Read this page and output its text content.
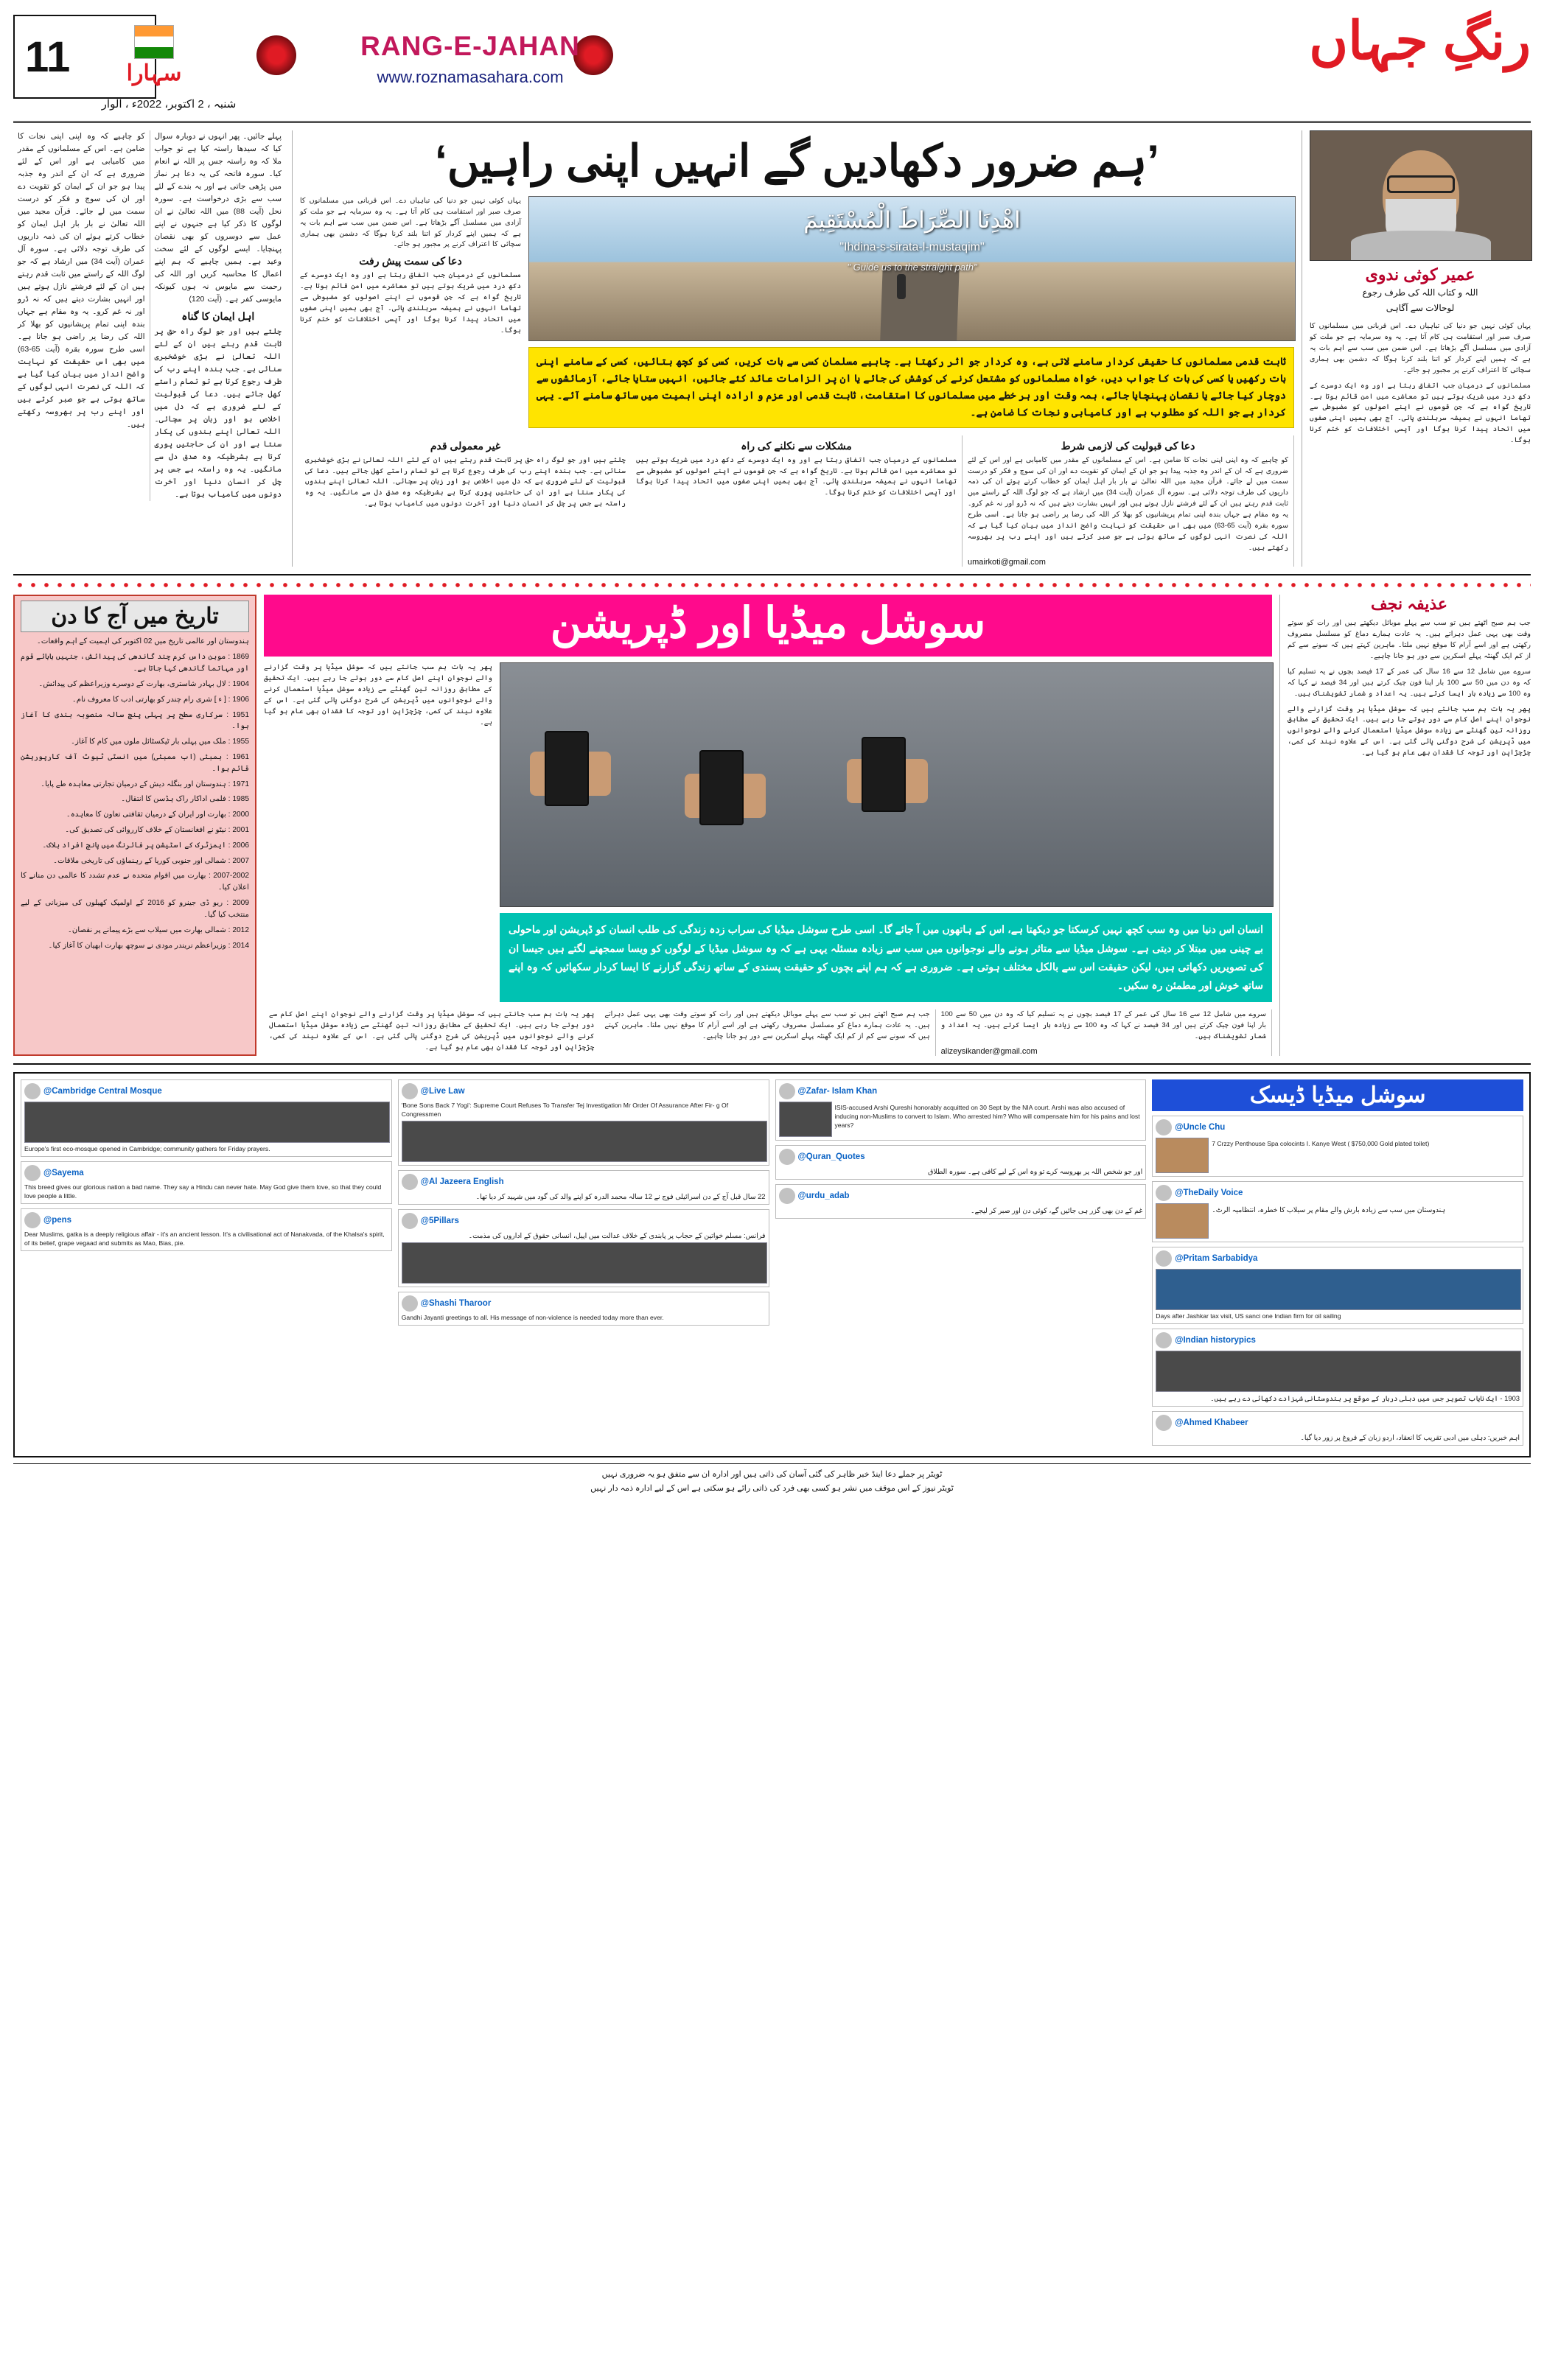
11	سہارا
شنبہ ، 2 اکتوبر، 2022ء ، الوار
RANG-E-JAHAN
www.roznamasahara.com
رنگِ جہاں
کو چاہیے کہ وہ اپنی اپنی نجات کا ضامن ہے۔ اس کے مسلمانوں کے مقدر میں کامیابی ہے اور اس کے لئے ضروری ہے کہ ان کے اندر وہ جذبہ پیدا ہو جو ان کے ایمان کو تقویت دے اور ان کی سوچ و فکر کو درست سمت میں لے جائے۔ قرآن مجید میں اللہ تعالیٰ نے بار بار اہل ایمان کو خطاب کرتے ہوئے ان کی ذمہ داریوں کی طرف توجہ دلائی ہے۔ سورہ آل عمران (آیت 34) میں ارشاد ہے کہ جو لوگ اللہ کے راستے میں ثابت قدم رہتے ہیں ان کے لئے فرشتے نازل ہوتے ہیں اور انہیں بشارت دیتے ہیں کہ نہ ڈرو اور نہ غم کرو۔ یہ وہ مقام ہے جہاں بندہ اپنی تمام پریشانیوں کو بھلا کر اللہ کی رضا پر راضی ہو جاتا ہے۔ اسی طرح سورہ بقرہ (آیت 65-63) میں بھی اس حقیقت کو نہایت واضح انداز میں بیان کیا گیا ہے کہ اللہ کی نصرت انہی لوگوں کے ساتھ ہوتی ہے جو صبر کرتے ہیں اور اپنے رب پر بھروسہ رکھتے ہیں۔
پہلے جائیں۔ پھر انہوں نے دوبارہ سوال کیا کہ سیدھا راستہ کیا ہے تو جواب ملا کہ وہ راستہ جس پر اللہ نے انعام کیا۔ سورہ فاتحہ کی یہ دعا ہر نماز میں پڑھی جاتی ہے اور یہ بندے کے لئے سب سے بڑی درخواست ہے۔ سورہ نحل (آیت 88) میں اللہ تعالیٰ نے ان لوگوں کا ذکر کیا ہے جنہوں نے اپنے عمل سے دوسروں کو بھی نقصان پہنچایا۔ ایسے لوگوں کے لئے سخت وعید ہے۔ ہمیں چاہیے کہ ہم اپنے اعمال کا محاسبہ کریں اور اللہ کی رحمت سے مایوس نہ ہوں کیونکہ مایوسی کفر ہے۔ (آیت 120)
اہل ایمان کا گناہ
چلتے ہیں اور جو لوگ راہ حق پر ثابت قدم رہتے ہیں ان کے لئے اللہ تعالیٰ نے بڑی خوشخبری سنائی ہے۔ جب بندہ اپنے رب کی طرف رجوع کرتا ہے تو تمام راستے کھل جاتے ہیں۔ دعا کی قبولیت کے لئے ضروری ہے کہ دل میں اخلاص ہو اور زبان پر سچائی۔ اللہ تعالیٰ اپنے بندوں کی پکار سنتا ہے اور ان کی حاجتیں پوری کرتا ہے بشرطیکہ وہ صدق دل سے مانگیں۔ یہ وہ راستہ ہے جس پر چل کر انسان دنیا اور آخرت دونوں میں کامیاب ہوتا ہے۔
’ہم ضرور دکھادیں گے انہیں اپنی راہیں‘
یہاں کوئی نہیں جو دنیا کی تباہیاں دے۔ اس قربانی میں مسلمانوں کا صرف صبر اور استقامت ہی کام آتا ہے۔ یہ وہ سرمایہ ہے جو ملت کو آزادی میں مسلسل آگے بڑھاتا ہے۔ اس ضمن میں سب سے اہم بات یہ ہے کہ ہمیں اپنے کردار کو اتنا بلند کرنا ہوگا کہ دشمن بھی ہماری سچائی کا اعتراف کرنے پر مجبور ہو جائے۔
دعا کی سمت پیش رفت
مسلمانوں کے درمیان جب اتفاق رہتا ہے اور وہ ایک دوسرے کے دکھ درد میں شریک ہوتے ہیں تو معاشرے میں امن قائم ہوتا ہے۔ تاریخ گواہ ہے کہ جن قوموں نے اپنے اصولوں کو مضبوطی سے تھاما انہوں نے ہمیشہ سربلندی پائی۔ آج بھی ہمیں اپنی صفوں میں اتحاد پیدا کرنا ہوگا اور آپسی اختلافات کو ختم کرنا ہوگا۔
اهْدِنَا الصِّرَاطَ الْمُسْتَقِيمَ
"Ihdina-s-sirata-l-mustaqim"
" Guide us to the straight path"
ثابت قدمی مسلمانوں کا حقیقی کردار سامنے لاتی ہے، وہ کردار جو اثر رکھتا ہے۔ چاہیے مسلمان کسی سے بات کریں، کسی کو کچھ بتائیں، کسی کے سامنے اپنی بات رکھیں یا کسی کی بات کا جواب دیں، خواہ مسلمانوں کو مشتعل کرنے کی کوشش کی جائے یا ان پر الزامات عائد کئے جائیں، انہیں ستایا جائے، آزمائشوں سے دوچار کیا جائے یا نقصان پہنچایا جائے، ہمہ وقت اور ہر خطے میں مسلمانوں کا استقامت، ثابت قدمی اور عزم و ارادہ اپنی اہمیت میں ساتھ سامنے آئے۔ یہی کردار ہے جو اللہ کو مطلوب ہے اور کامیابی و نجات کا ضامن ہے۔
غیر معمولی قدم
چلتے ہیں اور جو لوگ راہ حق پر ثابت قدم رہتے ہیں ان کے لئے اللہ تعالیٰ نے بڑی خوشخبری سنائی ہے۔ جب بندہ اپنے رب کی طرف رجوع کرتا ہے تو تمام راستے کھل جاتے ہیں۔ دعا کی قبولیت کے لئے ضروری ہے کہ دل میں اخلاص ہو اور زبان پر سچائی۔ اللہ تعالیٰ اپنے بندوں کی پکار سنتا ہے اور ان کی حاجتیں پوری کرتا ہے بشرطیکہ وہ صدق دل سے مانگیں۔ یہ وہ راستہ ہے جس پر چل کر انسان دنیا اور آخرت دونوں میں کامیاب ہوتا ہے۔
مشکلات سے نکلنے کی راہ
مسلمانوں کے درمیان جب اتفاق رہتا ہے اور وہ ایک دوسرے کے دکھ درد میں شریک ہوتے ہیں تو معاشرے میں امن قائم ہوتا ہے۔ تاریخ گواہ ہے کہ جن قوموں نے اپنے اصولوں کو مضبوطی سے تھاما انہوں نے ہمیشہ سربلندی پائی۔ آج بھی ہمیں اپنی صفوں میں اتحاد پیدا کرنا ہوگا اور آپسی اختلافات کو ختم کرنا ہوگا۔
دعا کی قبولیت کی لازمی شرط
کو چاہیے کہ وہ اپنی اپنی نجات کا ضامن ہے۔ اس کے مسلمانوں کے مقدر میں کامیابی ہے اور اس کے لئے ضروری ہے کہ ان کے اندر وہ جذبہ پیدا ہو جو ان کے ایمان کو تقویت دے اور ان کی سوچ و فکر کو درست سمت میں لے جائے۔ قرآن مجید میں اللہ تعالیٰ نے بار بار اہل ایمان کو خطاب کرتے ہوئے ان کی ذمہ داریوں کی طرف توجہ دلائی ہے۔ سورہ آل عمران (آیت 34) میں ارشاد ہے کہ جو لوگ اللہ کے راستے میں ثابت قدم رہتے ہیں ان کے لئے فرشتے نازل ہوتے ہیں اور انہیں بشارت دیتے ہیں کہ نہ ڈرو اور نہ غم کرو۔ یہ وہ مقام ہے جہاں بندہ اپنی تمام پریشانیوں کو بھلا کر اللہ کی رضا پر راضی ہو جاتا ہے۔ اسی طرح سورہ بقرہ (آیت 65-63) میں بھی اس حقیقت کو نہایت واضح انداز میں بیان کیا گیا ہے کہ اللہ کی نصرت انہی لوگوں کے ساتھ ہوتی ہے جو صبر کرتے ہیں اور اپنے رب پر بھروسہ رکھتے ہیں۔
umairkoti@gmail.com
عمیر کوثی ندوی
اللہ و کتاب اللہ کی طرف رجوع
لوحالات سے آگاہی
یہاں کوئی نہیں جو دنیا کی تباہیاں دے۔ اس قربانی میں مسلمانوں کا صرف صبر اور استقامت ہی کام آتا ہے۔ یہ وہ سرمایہ ہے جو ملت کو آزادی میں مسلسل آگے بڑھاتا ہے۔ اس ضمن میں سب سے اہم بات یہ ہے کہ ہمیں اپنے کردار کو اتنا بلند کرنا ہوگا کہ دشمن بھی ہماری سچائی کا اعتراف کرنے پر مجبور ہو جائے۔
مسلمانوں کے درمیان جب اتفاق رہتا ہے اور وہ ایک دوسرے کے دکھ درد میں شریک ہوتے ہیں تو معاشرے میں امن قائم ہوتا ہے۔ تاریخ گواہ ہے کہ جن قوموں نے اپنے اصولوں کو مضبوطی سے تھاما انہوں نے ہمیشہ سربلندی پائی۔ آج بھی ہمیں اپنی صفوں میں اتحاد پیدا کرنا ہوگا اور آپسی اختلافات کو ختم کرنا ہوگا۔
تاریخ میں آج کا دن
ہندوستان اور عالمی تاریخ میں 02 اکتوبر کی اہمیت کے اہم واقعات۔
1869 : موہن داس کرم چند گاندھی کی پیدائش، جنہیں بابائے قوم اور مہاتما گاندھی کہا جاتا ہے۔
1904 : لال بہادر شاستری، بھارت کے دوسرے وزیراعظم کی پیدائش۔
1906 : [ ء ] شری رام چندر کو بھارتی ادب کا معروف نام۔
1951 : سرکاری سطح پر پہلی پنچ سالہ منصوبہ بندی کا آغاز ہوا۔
1955 : ملک میں پہلی بار ٹیکسٹائل ملوں میں کام کا آغاز۔
1961 : بمبئی (اب ممبئی) میں انسٹی ٹیوٹ آف کارپوریشن قائم ہوا۔
1971 : ہندوستان اور بنگلہ دیش کے درمیان تجارتی معاہدہ طے پایا۔
1985 : فلمی اداکار راک ہڈسن کا انتقال۔
2000 : بھارت اور ایران کے درمیان ثقافتی تعاون کا معاہدہ۔
2001 : نیٹو نے افغانستان کے خلاف کارروائی کی تصدیق کی۔
2006 : ایمزٹرک کے اسٹیشن پر فائرنگ میں پانچ افراد ہلاک۔
2007 : شمالی اور جنوبی کوریا کے رہنماؤں کی تاریخی ملاقات۔
2007-2002 : بھارت میں اقوام متحدہ نے عدم تشدد کا عالمی دن منانے کا اعلان کیا۔
2009 : ریو ڈی جینرو کو 2016 کے اولمپک کھیلوں کی میزبانی کے لیے منتخب کیا گیا۔
2012 : شمالی بھارت میں سیلاب سے بڑے پیمانے پر نقصان۔
2014 : وزیراعظم نریندر مودی نے سوچھ بھارت ابھیان کا آغاز کیا۔
سوشل میڈیا اور ڈپریشن
پھر یہ بات ہم سب جانتے ہیں کہ سوشل میڈیا پر وقت گزارنے والے نوجوان اپنے اصل کام سے دور ہوتے جا رہے ہیں۔ ایک تحقیق کے مطابق روزانہ تین گھنٹے سے زیادہ سوشل میڈیا استعمال کرنے والے نوجوانوں میں ڈپریشن کی شرح دوگنی پائی گئی ہے۔ اس کے علاوہ نیند کی کمی، چڑچڑاپن اور توجہ کا فقدان بھی عام ہو گیا ہے۔
انسان اس دنیا میں وہ سب کچھ نہیں کرسکتا جو دیکھتا ہے، اس کے ہاتھوں میں آ جائے گا۔ اسی طرح سوشل میڈیا کی سراب زدہ زندگی کی طلب انسان کو ڈپریشن اور ماحولی بے چینی میں مبتلا کر دیتی ہے۔ سوشل میڈیا سے متاثر ہونے والے نوجوانوں میں سب سے زیادہ مسئلہ یہی ہے کہ وہ سوشل میڈیا کے لوگوں کو ویسا سمجھنے لگتے ہیں جیسا ان کی تصویریں دکھاتی ہیں، لیکن حقیقت اس سے بالکل مختلف ہوتی ہے۔ ضروری ہے کہ ہم اپنے بچوں کو حقیقت پسندی کے ساتھ زندگی گزارنے کا ایسا کردار سکھائیں کہ وہ اپنے ساتھ خوش اور مطمئن رہ سکیں۔
پھر یہ بات ہم سب جانتے ہیں کہ سوشل میڈیا پر وقت گزارنے والے نوجوان اپنے اصل کام سے دور ہوتے جا رہے ہیں۔ ایک تحقیق کے مطابق روزانہ تین گھنٹے سے زیادہ سوشل میڈیا استعمال کرنے والے نوجوانوں میں ڈپریشن کی شرح دوگنی پائی گئی ہے۔ اس کے علاوہ نیند کی کمی، چڑچڑاپن اور توجہ کا فقدان بھی عام ہو گیا ہے۔
جب ہم صبح اٹھتے ہیں تو سب سے پہلے موبائل دیکھتے ہیں اور رات کو سوتے وقت بھی یہی عمل دہراتے ہیں۔ یہ عادت ہمارے دماغ کو مسلسل مصروف رکھتی ہے اور اسے آرام کا موقع نہیں ملتا۔ ماہرین کہتے ہیں کہ سونے سے کم از کم ایک گھنٹہ پہلے اسکرین سے دور ہو جانا چاہیے۔
سروے میں شامل 12 سے 16 سال کی عمر کے 17 فیصد بچوں نے یہ تسلیم کیا کہ وہ دن میں 50 سے 100 بار اپنا فون چیک کرتے ہیں اور 34 فیصد نے کہا کہ وہ 100 سے زیادہ بار ایسا کرتے ہیں۔ یہ اعداد و شمار تشویشناک ہیں۔
alizeysikander@gmail.com
عذیفہ نجف
جب ہم صبح اٹھتے ہیں تو سب سے پہلے موبائل دیکھتے ہیں اور رات کو سوتے وقت بھی یہی عمل دہراتے ہیں۔ یہ عادت ہمارے دماغ کو مسلسل مصروف رکھتی ہے اور اسے آرام کا موقع نہیں ملتا۔ ماہرین کہتے ہیں کہ سونے سے کم از کم ایک گھنٹہ پہلے اسکرین سے دور ہو جانا چاہیے۔
سروے میں شامل 12 سے 16 سال کی عمر کے 17 فیصد بچوں نے یہ تسلیم کیا کہ وہ دن میں 50 سے 100 بار اپنا فون چیک کرتے ہیں اور 34 فیصد نے کہا کہ وہ 100 سے زیادہ بار ایسا کرتے ہیں۔ یہ اعداد و شمار تشویشناک ہیں۔
پھر یہ بات ہم سب جانتے ہیں کہ سوشل میڈیا پر وقت گزارنے والے نوجوان اپنے اصل کام سے دور ہوتے جا رہے ہیں۔ ایک تحقیق کے مطابق روزانہ تین گھنٹے سے زیادہ سوشل میڈیا استعمال کرنے والے نوجوانوں میں ڈپریشن کی شرح دوگنی پائی گئی ہے۔ اس کے علاوہ نیند کی کمی، چڑچڑاپن اور توجہ کا فقدان بھی عام ہو گیا ہے۔
@Cambridge Central Mosque
Europe's first eco-mosque opened in Cambridge; community gathers for Friday prayers.
@Sayema
This breed gives our glorious nation a bad name. They say a Hindu can never hate. May God give them love, so that they could love people a little.
@pens
Dear Muslims, gatka is a deeply religious affair - it's an ancient lesson. It's a civilisational act of Nanakvada, of the Khalsa's spirit, of its belief, grape vegaad and submits as Mao, Bias, pie.
@Live Law
'Bone Sons Back 7 Yogi': Supreme Court Refuses To Transfer Tej Investigation Mr Order Of Assurance After Fir- g Of Congressmen
@Al Jazeera English
22 سال قبل آج کے دن اسرائیلی فوج نے 12 سالہ محمد الدرہ کو اپنے والد کی گود میں شہید کر دیا تھا۔
@5Pillars
فرانس: مسلم خواتین کے حجاب پر پابندی کے خلاف عدالت میں اپیل، انسانی حقوق کے اداروں کی مذمت۔
@Shashi Tharoor
Gandhi Jayanti greetings to all. His message of non-violence is needed today more than ever.
@Zafar- Islam Khan
ISIS-accused Arshi Qureshi honorably acquitted on 30 Sept by the NIA court. Arshi was also accused of inducing non-Muslims to convert to Islam. Who arrested him? Who will compensate him for his pains and lost years?
@Quran_Quotes
اور جو شخص اللہ پر بھروسہ کرے تو وہ اس کے لیے کافی ہے۔ سورہ الطلاق
@urdu_adab
غم کے دن بھی گزر ہی جائیں گے، کوئی دن اور صبر کر لیجے۔
سوشل میڈیا ڈیسک
@Uncle Chu
7 Crzzy Penthouse Spa colocints I. Kanye West ( $750,000 Gold plated toilet)
@TheDaily Voice
ہندوستان میں سب سے زیادہ بارش والے مقام پر سیلاب کا خطرہ، انتظامیہ الرٹ۔
@Pritam Sarbabidya
Days after Jashkar tax visit, US sanci one Indian firm for oil sailing
@Indian historypics
1903 - ایک نایاب تصویر جس میں دہلی دربار کے موقع پر ہندوستانی شہزادے دکھائی دے رہے ہیں۔
@Ahmed Khabeer
اہم خبریں: دہلی میں ادبی تقریب کا انعقاد، اردو زبان کے فروغ پر زور دیا گیا۔
ٹویٹر پر جملے دعا اینڈ خبر ظاہر کی گئی آسان کی ذاتی ہیں اور ادارہ ان سے متفق ہو یہ ضروری نہیں
ٹویٹر نیوز کے اس موقف میں نشر ہو کسی بھی فرد کی ذاتی رائے ہو سکتی ہے اس کے لیے ادارہ ذمہ دار نہیں
